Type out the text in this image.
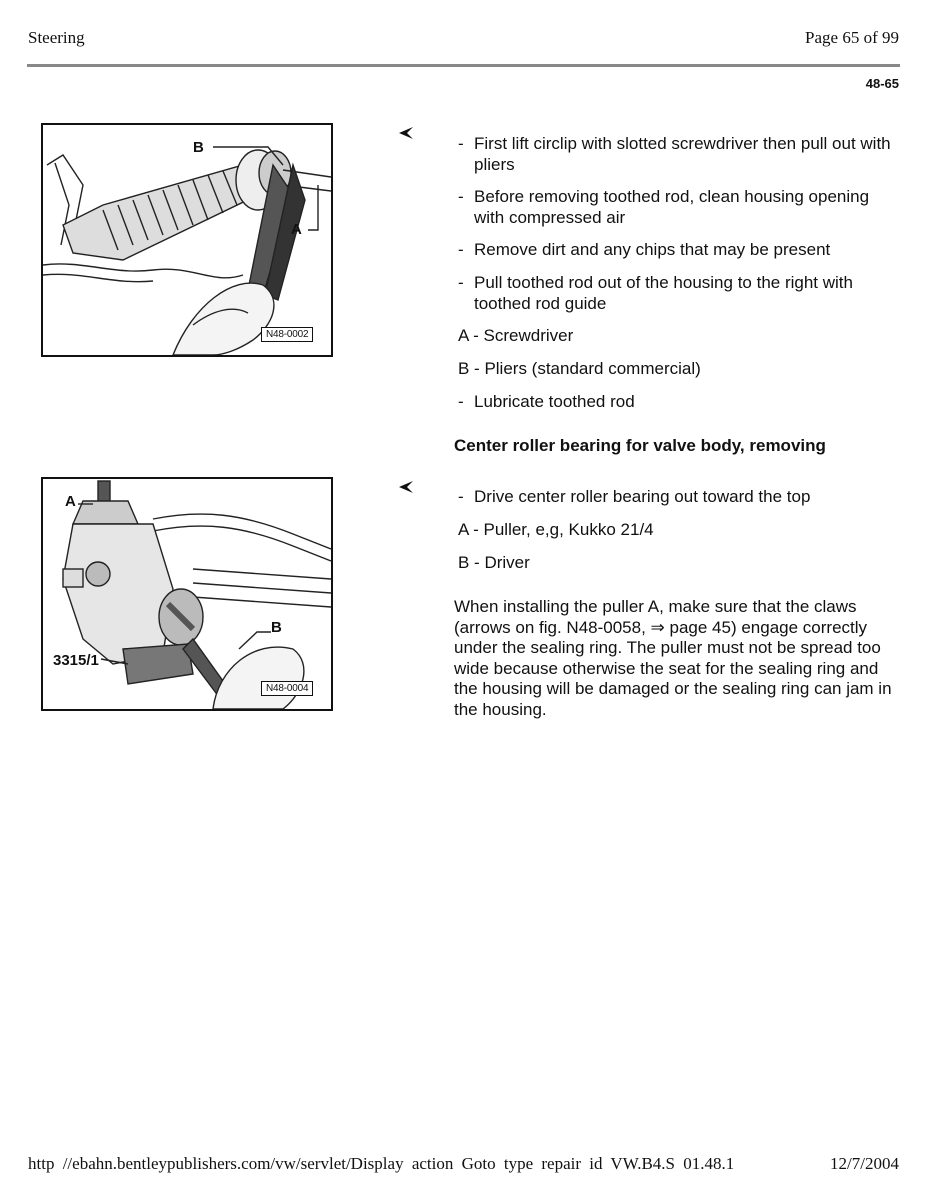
Steering	Page 65 of 99
48-65
B
A
N48-0002
- First lift circlip with slotted screwdriver then pull out with pliers
- Before removing toothed rod, clean housing opening with compressed air
- Remove dirt and any chips that may be present
- Pull toothed rod out of the housing to the right with toothed rod guide
A - Screwdriver
B - Pliers (standard commercial)
- Lubricate toothed rod
Center roller bearing for valve body, removing
A
B
3315/1
N48-0004
- Drive center roller bearing out toward the top
A - Puller, e,g, Kukko 21/4
B - Driver
When installing the puller A, make sure that the claws (arrows on fig. N48-0058, ⇒ page 45) engage correctly under the sealing ring. The puller must not be spread too wide because otherwise the seat for the sealing ring and the housing will be damaged or the sealing ring can jam in the housing.
http //ebahn.bentleypublishers.com/vw/servlet/Display action Goto type repair id VW.B4.S 01.48.1	12/7/2004
